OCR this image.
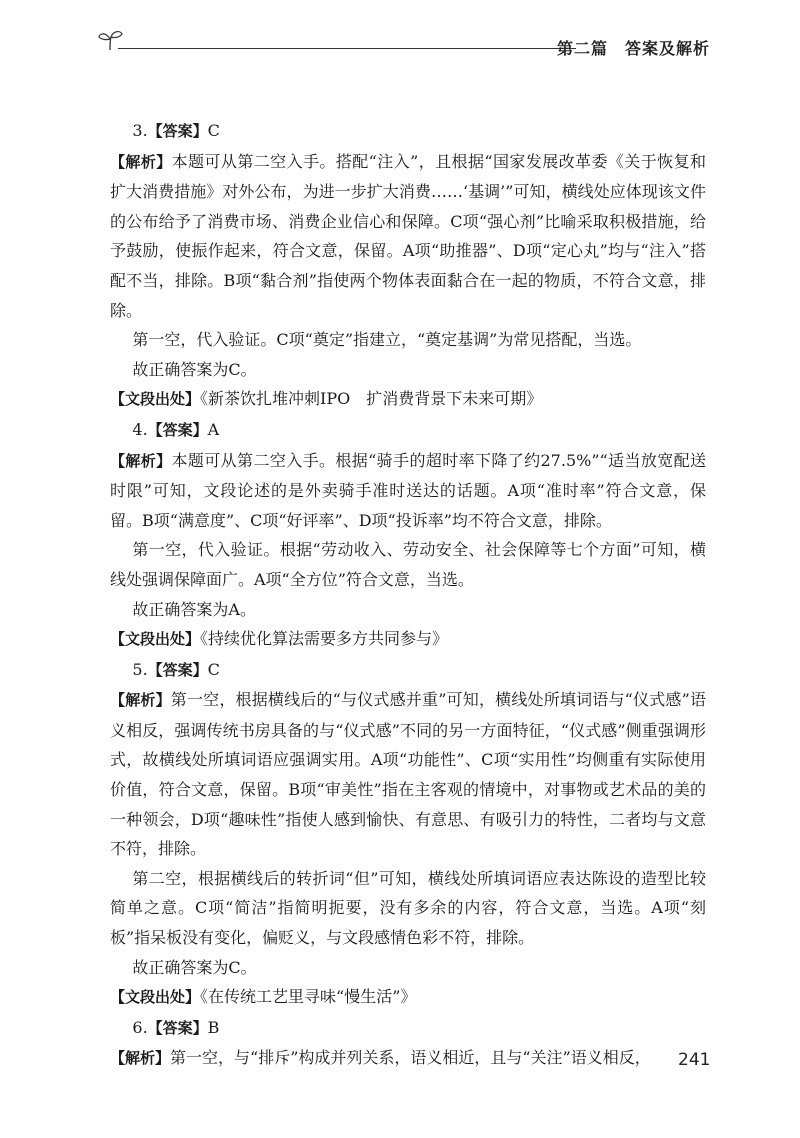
第二篇　答案及解析

3.【答案】C

【解析】本题可从第二空入手。搭配“注入”，且根据“国家发展改革委《关于恢复和扩大消费措施》对外公布，为进一步扩大消费……‘基调’”可知，横线处应体现该文件的公布给予了消费市场、消费企业信心和保障。C项“强心剂”比喻采取积极措施，给予鼓励，使振作起来，符合文意，保留。A项“助推器”、D项“定心丸”均与“注入”搭配不当，排除。B项“黏合剂”指使两个物体表面黏合在一起的物质，不符合文意，排除。

第一空，代入验证。C项“奠定”指建立，“奠定基调”为常见搭配，当选。

故正确答案为C。

【文段出处】《新茶饮扎堆冲刺IPO　扩消费背景下未来可期》

4.【答案】A

【解析】本题可从第二空入手。根据“骑手的超时率下降了约27.5%”“适当放宽配送时限”可知，文段论述的是外卖骑手准时送达的话题。A项“准时率”符合文意，保留。B项“满意度”、C项“好评率”、D项“投诉率”均不符合文意，排除。

第一空，代入验证。根据“劳动收入、劳动安全、社会保障等七个方面”可知，横线处强调保障面广。A项“全方位”符合文意，当选。

故正确答案为A。

【文段出处】《持续优化算法需要多方共同参与》

5.【答案】C

【解析】第一空，根据横线后的“与仪式感并重”可知，横线处所填词语与“仪式感”语义相反，强调传统书房具备的与“仪式感”不同的另一方面特征，“仪式感”侧重强调形式，故横线处所填词语应强调实用。A项“功能性”、C项“实用性”均侧重有实际使用价值，符合文意，保留。B项“审美性”指在主客观的情境中，对事物或艺术品的美的一种领会，D项“趣味性”指使人感到愉快、有意思、有吸引力的特性，二者均与文意不符，排除。

第二空，根据横线后的转折词“但”可知，横线处所填词语应表达陈设的造型比较简单之意。C项“简洁”指简明扼要，没有多余的内容，符合文意，当选。A项“刻板”指呆板没有变化，偏贬义，与文段感情色彩不符，排除。

故正确答案为C。

【文段出处】《在传统工艺里寻味“慢生活”》

6.【答案】B

【解析】第一空，与“排斥”构成并列关系，语义相近，且与“关注”语义相反，	241
